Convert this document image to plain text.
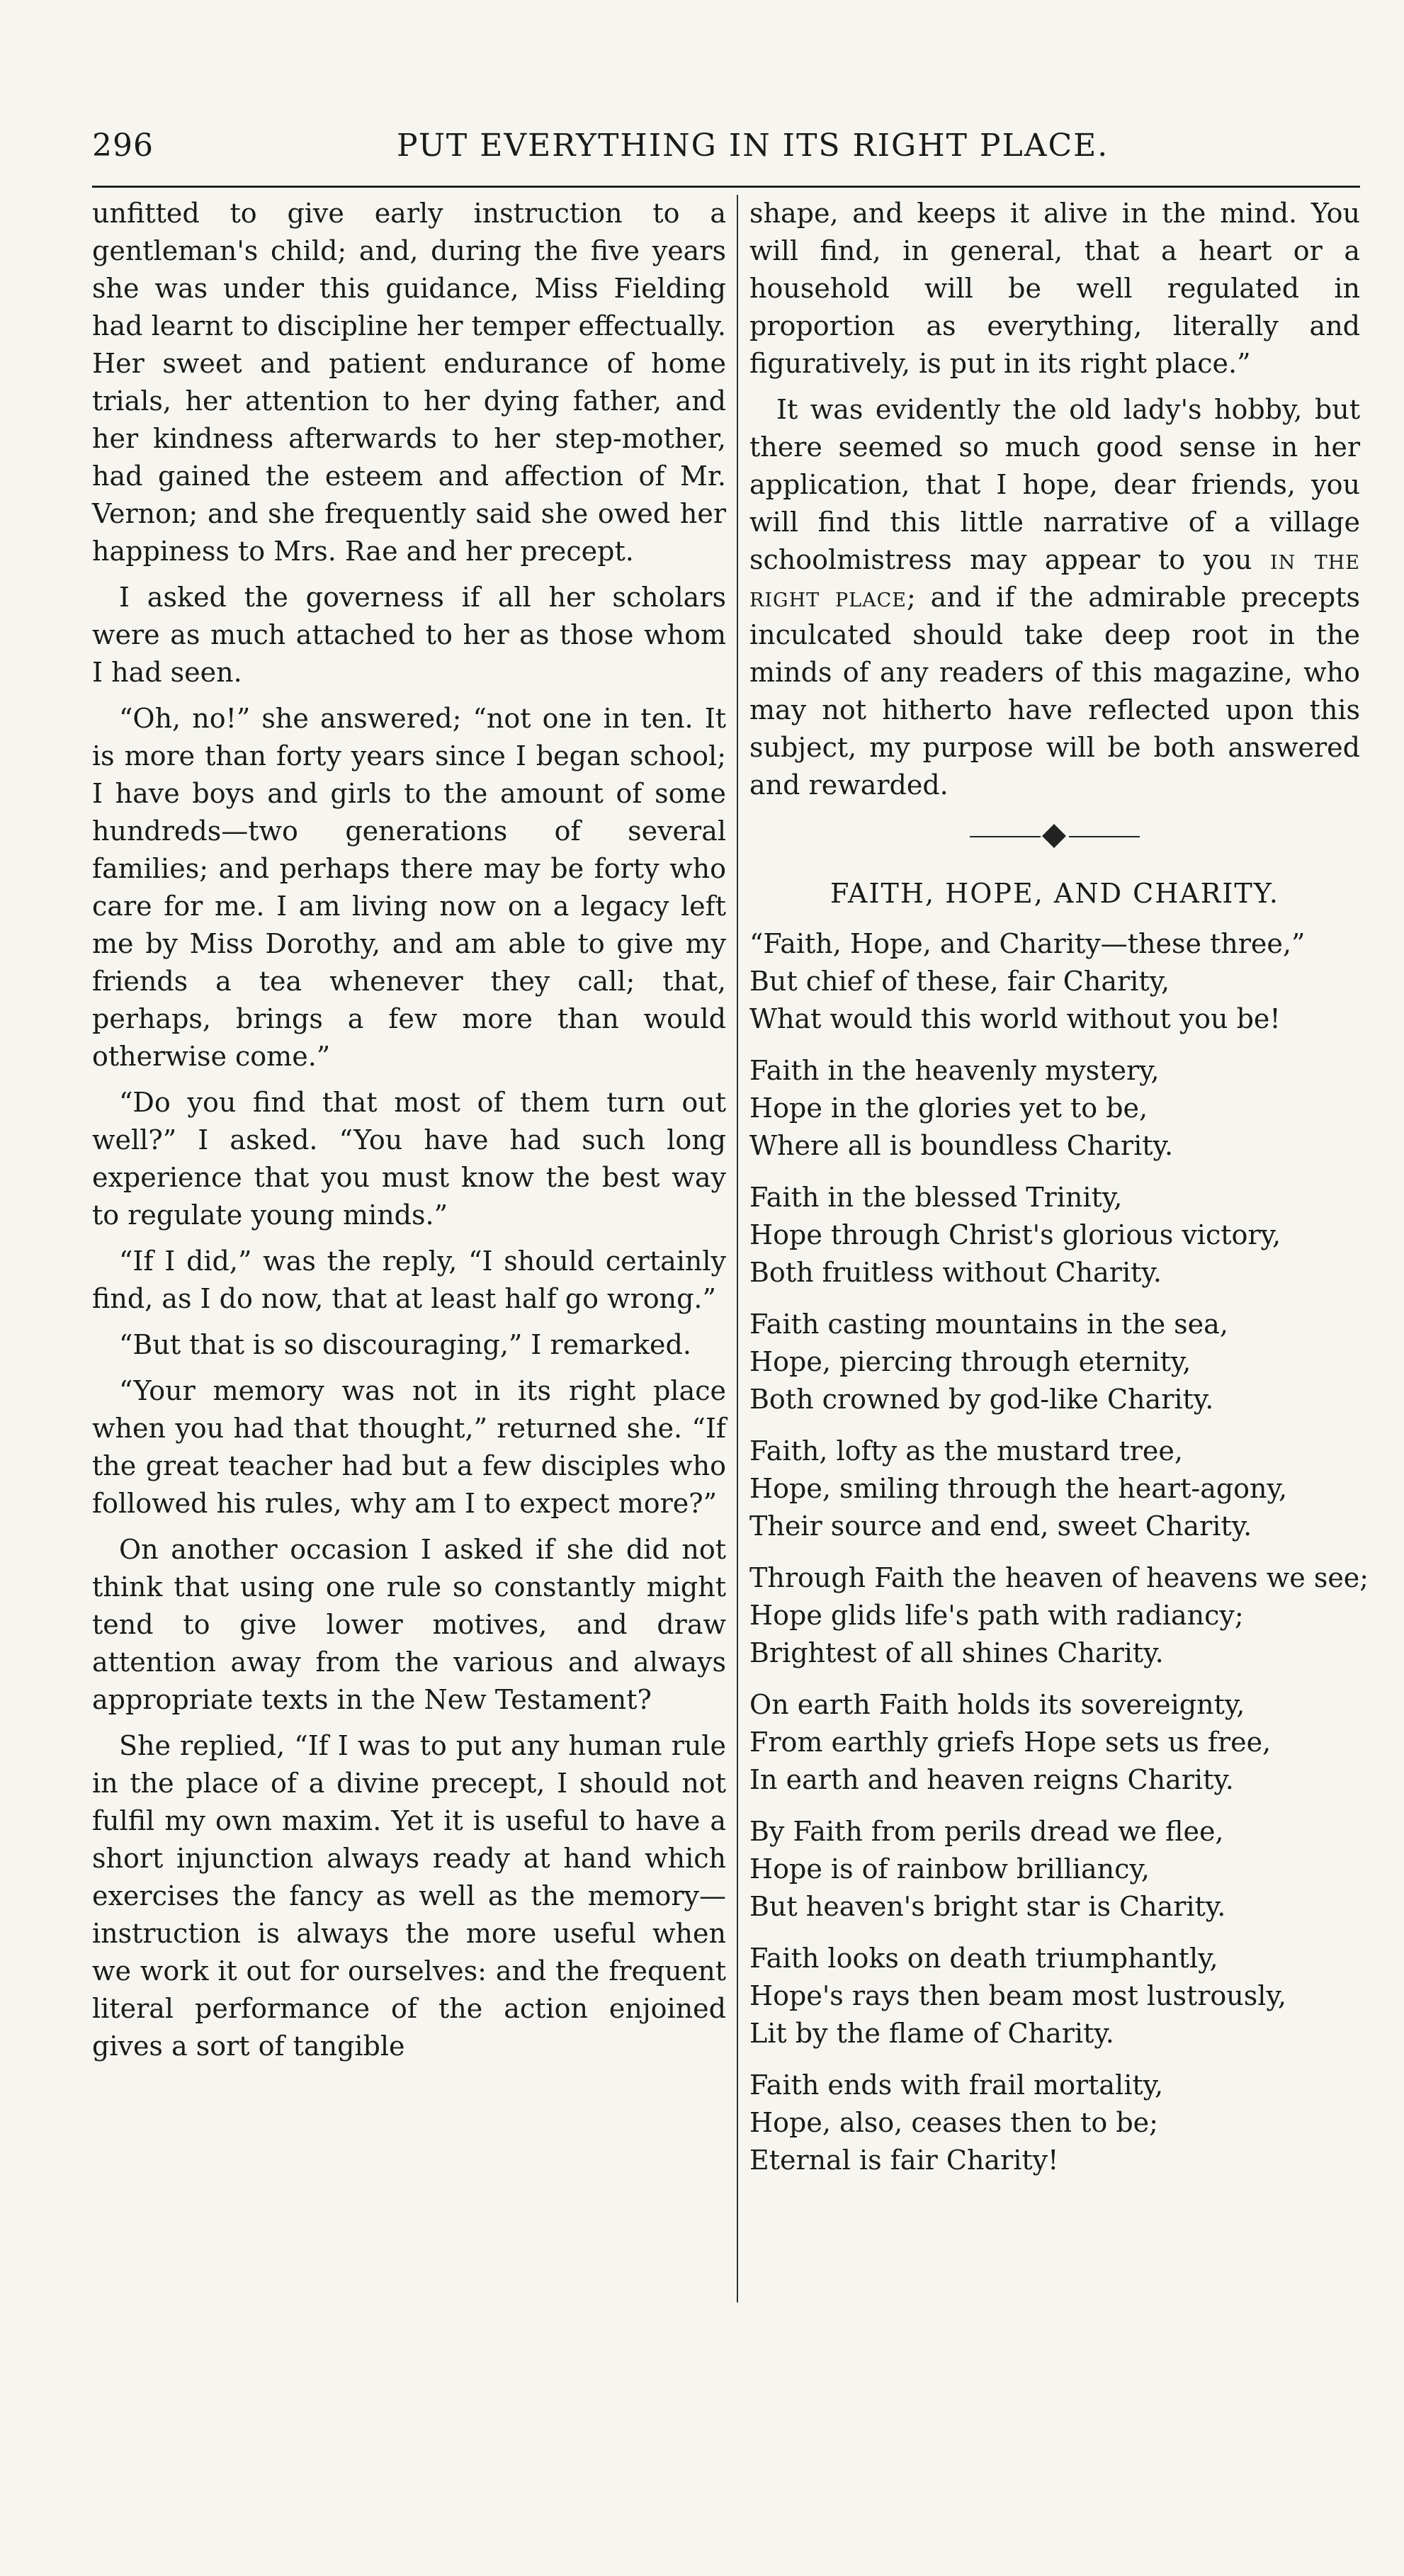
296	PUT EVERYTHING IN ITS RIGHT PLACE.

unfitted to give early instruction to a gentleman's child; and, during the five years she was under this guidance, Miss Fielding had learnt to discipline her temper effectually. Her sweet and patient endurance of home trials, her attention to her dying father, and her kindness afterwards to her step-mother, had gained the esteem and affection of Mr. Vernon; and she frequently said she owed her happiness to Mrs. Rae and her precept.

I asked the governess if all her scholars were as much attached to her as those whom I had seen.

“Oh, no!” she answered; “not one in ten. It is more than forty years since I began school; I have boys and girls to the amount of some hundreds—two generations of several families; and perhaps there may be forty who care for me. I am living now on a legacy left me by Miss Dorothy, and am able to give my friends a tea whenever they call; that, perhaps, brings a few more than would otherwise come.”

“Do you find that most of them turn out well?” I asked. “You have had such long experience that you must know the best way to regulate young minds.”

“If I did,” was the reply, “I should certainly find, as I do now, that at least half go wrong.”

“But that is so discouraging,” I remarked.

“Your memory was not in its right place when you had that thought,” returned she. “If the great teacher had but a few disciples who followed his rules, why am I to expect more?”

On another occasion I asked if she did not think that using one rule so constantly might tend to give lower motives, and draw attention away from the various and always appropriate texts in the New Testament?

She replied, “If I was to put any human rule in the place of a divine precept, I should not fulfil my own maxim. Yet it is useful to have a short injunction always ready at hand which exercises the fancy as well as the memory—instruction is always the more useful when we work it out for ourselves: and the frequent literal performance of the action enjoined gives a sort of tangible

shape, and keeps it alive in the mind. You will find, in general, that a heart or a household will be well regulated in proportion as everything, literally and figuratively, is put in its right place.”

It was evidently the old lady's hobby, but there seemed so much good sense in her application, that I hope, dear friends, you will find this little narrative of a village schoolmistress may appear to you in the right place; and if the admirable precepts inculcated should take deep root in the minds of any readers of this magazine, who may not hitherto have reflected upon this subject, my purpose will be both answered and rewarded.

FAITH, HOPE, AND CHARITY.
“Faith, Hope, and Charity—these three,”
But chief of these, fair Charity,
What would this world without you be!
Faith in the heavenly mystery,
Hope in the glories yet to be,
Where all is boundless Charity.
Faith in the blessed Trinity,
Hope through Christ's glorious victory,
Both fruitless without Charity.
Faith casting mountains in the sea,
Hope, piercing through eternity,
Both crowned by god-like Charity.
Faith, lofty as the mustard tree,
Hope, smiling through the heart-agony,
Their source and end, sweet Charity.
Through Faith the heaven of heavens we see;
Hope glids life's path with radiancy;
Brightest of all shines Charity.
On earth Faith holds its sovereignty,
From earthly griefs Hope sets us free,
In earth and heaven reigns Charity.
By Faith from perils dread we flee,
Hope is of rainbow brilliancy,
But heaven's bright star is Charity.
Faith looks on death triumphantly,
Hope's rays then beam most lustrously,
Lit by the flame of Charity.
Faith ends with frail mortality,
Hope, also, ceases then to be;
Eternal is fair Charity!
